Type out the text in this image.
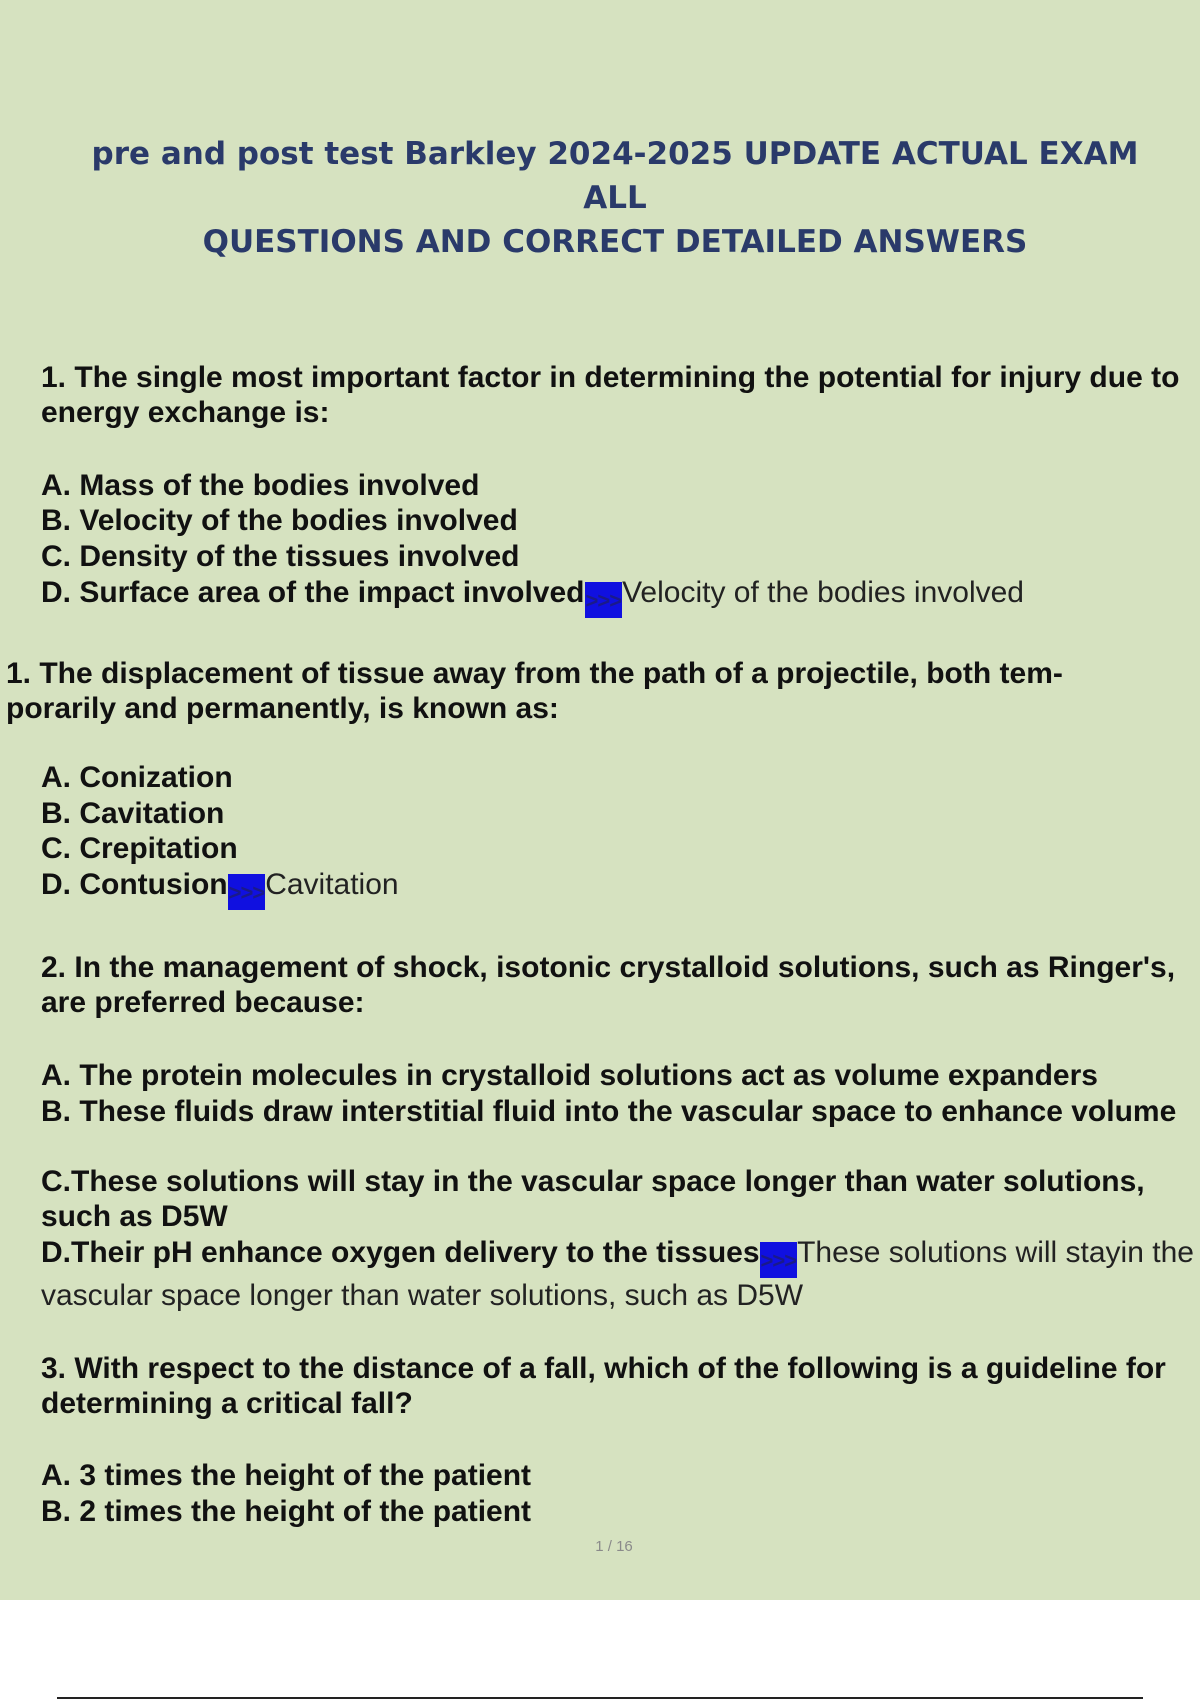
pre and post test Barkley 2024-2025 UPDATE ACTUAL EXAM ALL
QUESTIONS AND CORRECT DETAILED ANSWERS
1. The single most important factor in determining the potential for injury due to energy exchange is:
A. Mass of the bodies involved
B. Velocity of the bodies involved
C. Density of the tissues involved
D. Surface area of the impact involved>>>Velocity of the bodies involved
1. The displacement of tissue away from the path of a projectile, both tem- porarily and permanently, is known as:
A. Conization
B. Cavitation
C. Crepitation
D. Contusion>>>Cavitation
2. In the management of shock, isotonic crystalloid solutions, such as Ringer's, are preferred because:
A. The protein molecules in crystalloid solutions act as volume expanders
B. These fluids draw interstitial fluid into the vascular space to enhance volume
C.These solutions will stay in the vascular space longer than water solutions, such as D5W
D.Their pH enhance oxygen delivery to the tissues>>>These solutions will stayin the vascular space longer than water solutions, such as D5W
3. With respect to the distance of a fall, which of the following is a guideline for determining a critical fall?
A. 3 times the height of the patient
B. 2 times the height of the patient
1 / 16
